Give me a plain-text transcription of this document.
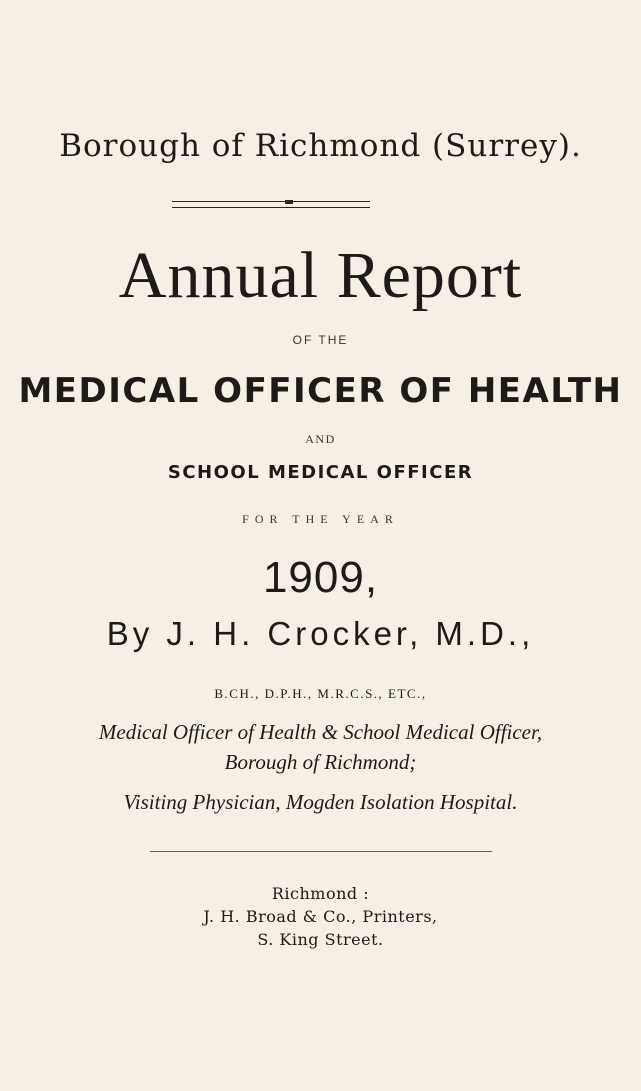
Borough of Richmond (Surrey).
Annual Report
OF THE
MEDICAL OFFICER OF HEALTH
AND
SCHOOL MEDICAL OFFICER
FOR THE YEAR
1909,
By J. H. Crocker, M.D.,
B.CH., D.P.H., M.R.C.S., ETC.,
Medical Officer of Health & School Medical Officer,
Borough of Richmond;
Visiting Physician, Mogden Isolation Hospital.
Richmond :
J. H. Broad & Co., Printers,
S. King Street.
